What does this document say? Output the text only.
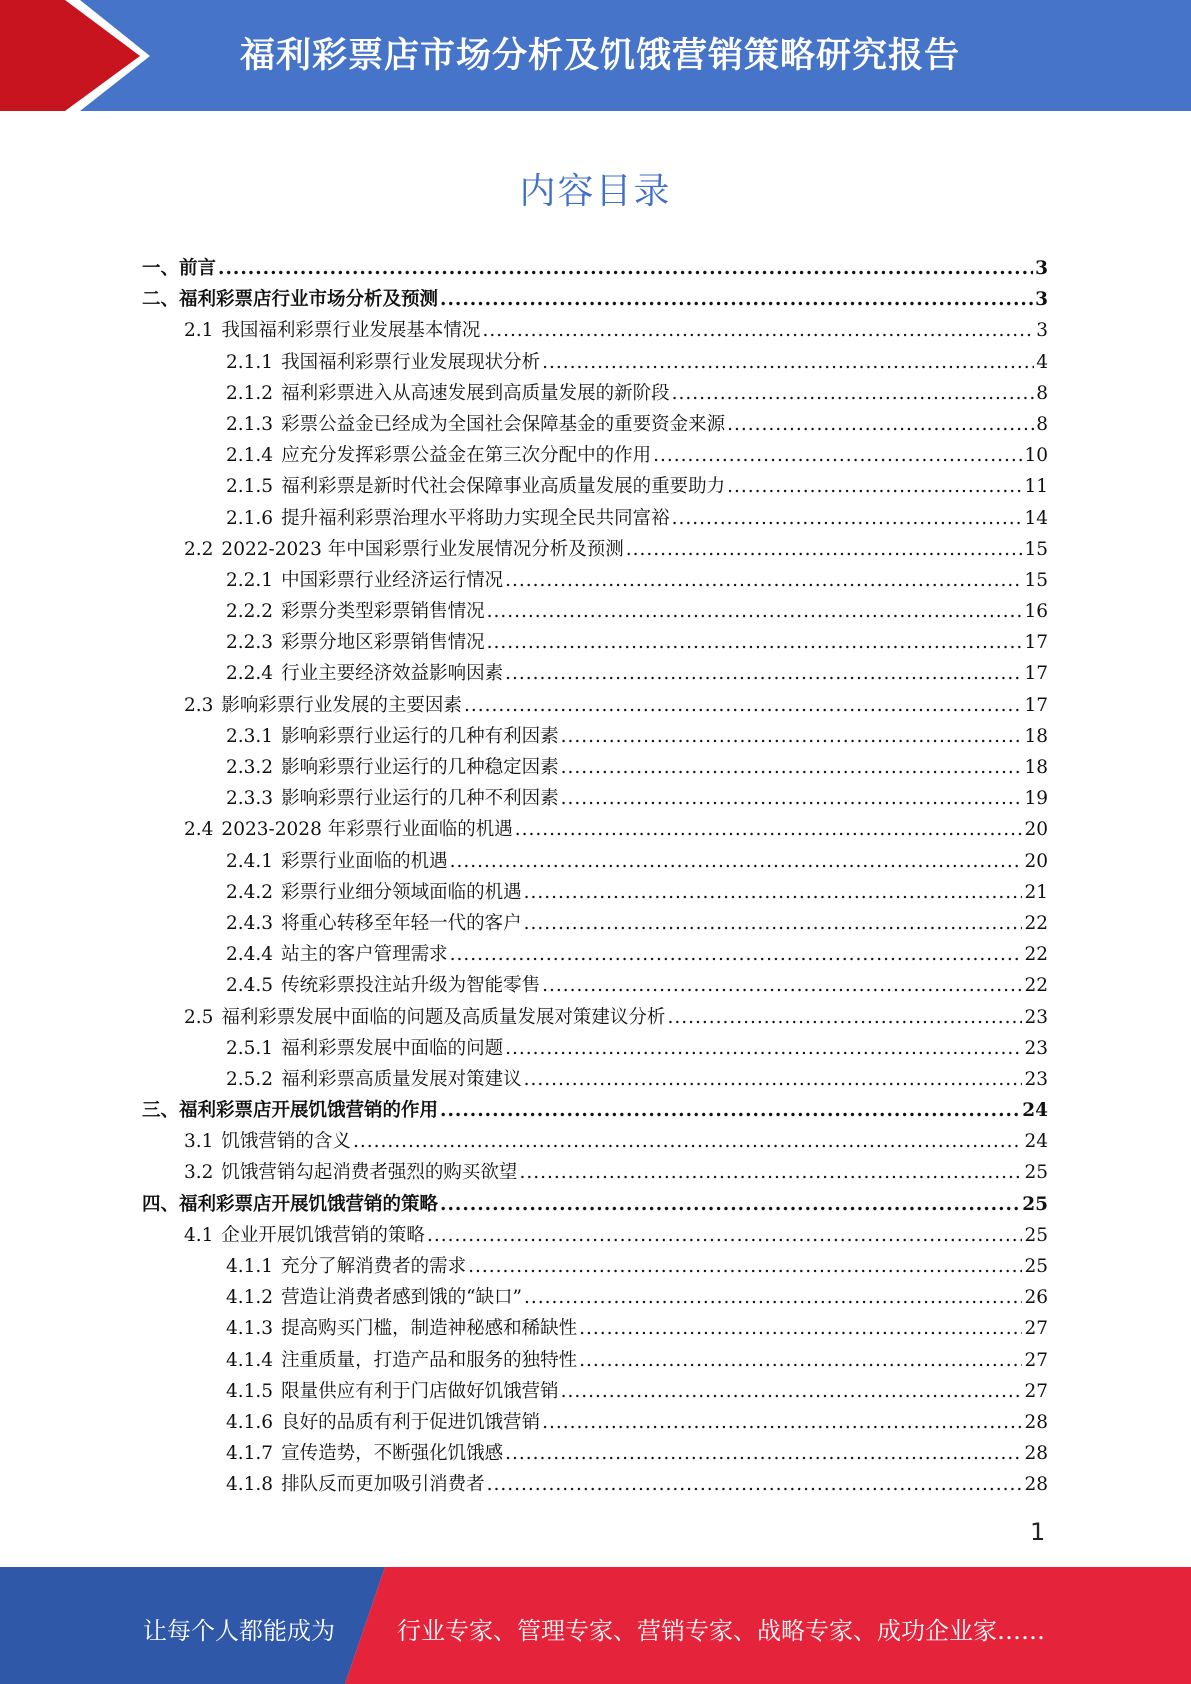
福利彩票店市场分析及饥饿营销策略研究报告
内容目录
一、 前言 .....	3
二、 福利彩票店行业市场分析及预测 .....	3
2.1 我国福利彩票行业发展基本情况 .....	3
2.1.1 我国福利彩票行业发展现状分析 .....	4
2.1.2 福利彩票进入从高速发展到高质量发展的新阶段 .....	8
2.1.3 彩票公益金已经成为全国社会保障基金的重要资金来源 .....	8
2.1.4 应充分发挥彩票公益金在第三次分配中的作用 .....	10
2.1.5 福利彩票是新时代社会保障事业高质量发展的重要助力 .....	11
2.1.6 提升福利彩票治理水平将助力实现全民共同富裕 .....	14
2.2 2022-2023 年中国彩票行业发展情况分析及预测 .....	15
2.2.1 中国彩票行业经济运行情况 .....	15
2.2.2 彩票分类型彩票销售情况 .....	16
2.2.3 彩票分地区彩票销售情况 .....	17
2.2.4 行业主要经济效益影响因素 .....	17
2.3 影响彩票行业发展的主要因素 .....	17
2.3.1 影响彩票行业运行的几种有利因素 .....	18
2.3.2 影响彩票行业运行的几种稳定因素 .....	18
2.3.3 影响彩票行业运行的几种不利因素 .....	19
2.4 2023-2028 年彩票行业面临的机遇 .....	20
2.4.1 彩票行业面临的机遇 .....	20
2.4.2 彩票行业细分领域面临的机遇 .....	21
2.4.3 将重心转移至年轻一代的客户 .....	22
2.4.4 站主的客户管理需求 .....	22
2.4.5 传统彩票投注站升级为智能零售 .....	22
2.5 福利彩票发展中面临的问题及高质量发展对策建议分析 .....	23
2.5.1 福利彩票发展中面临的问题 .....	23
2.5.2 福利彩票高质量发展对策建议 .....	23
三、 福利彩票店开展饥饿营销的作用 .....	24
3.1 饥饿营销的含义 .....	24
3.2 饥饿营销勾起消费者强烈的购买欲望 .....	25
四、 福利彩票店开展饥饿营销的策略 .....	25
4.1 企业开展饥饿营销的策略 .....	25
4.1.1 充分了解消费者的需求 .....	25
4.1.2 营造让消费者感到饿的“缺口” .....	26
4.1.3 提高购买门槛，制造神秘感和稀缺性 .....	27
4.1.4 注重质量，打造产品和服务的独特性 .....	27
4.1.5 限量供应有利于门店做好饥饿营销 .....	27
4.1.6 良好的品质有利于促进饥饿营销 .....	28
4.1.7 宣传造势，不断强化饥饿感 .....	28
4.1.8 排队反而更加吸引消费者 .....	28
1
让每个人都能成为	行业专家、管理专家、营销专家、战略专家、成功企业家……
